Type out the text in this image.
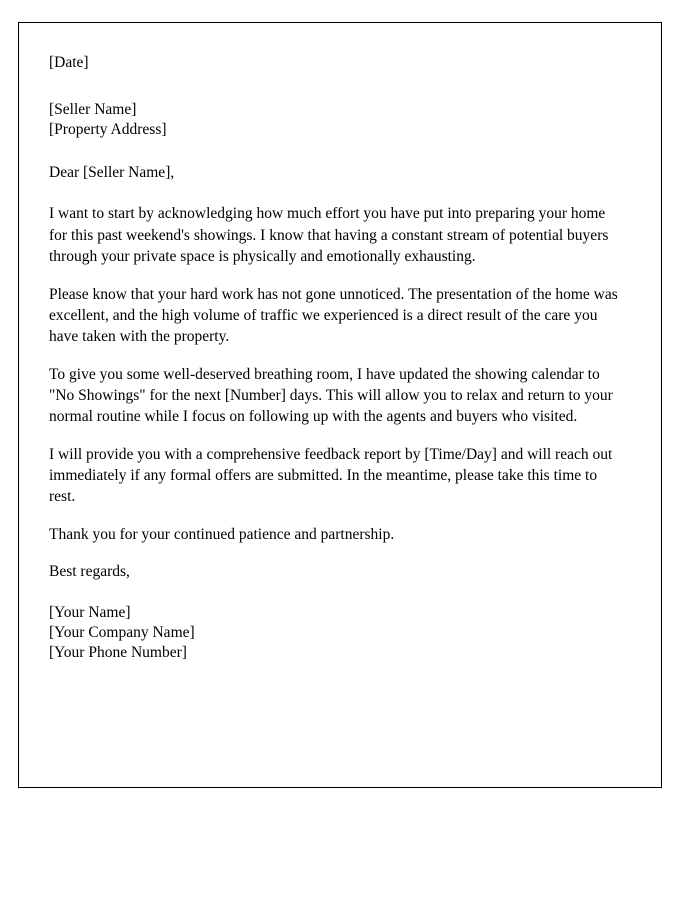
[Date]
[Seller Name]
[Property Address]
Dear [Seller Name],

I want to start by acknowledging how much effort you have put into preparing your home for this past weekend's showings. I know that having a constant stream of potential buyers through your private space is physically and emotionally exhausting.

Please know that your hard work has not gone unnoticed. The presentation of the home was excellent, and the high volume of traffic we experienced is a direct result of the care you have taken with the property.

To give you some well-deserved breathing room, I have updated the showing calendar to "No Showings" for the next [Number] days. This will allow you to relax and return to your normal routine while I focus on following up with the agents and buyers who visited.

I will provide you with a comprehensive feedback report by [Time/Day] and will reach out immediately if any formal offers are submitted. In the meantime, please take this time to rest.

Thank you for your continued patience and partnership.

Best regards,
[Your Name]
[Your Company Name]
[Your Phone Number]
